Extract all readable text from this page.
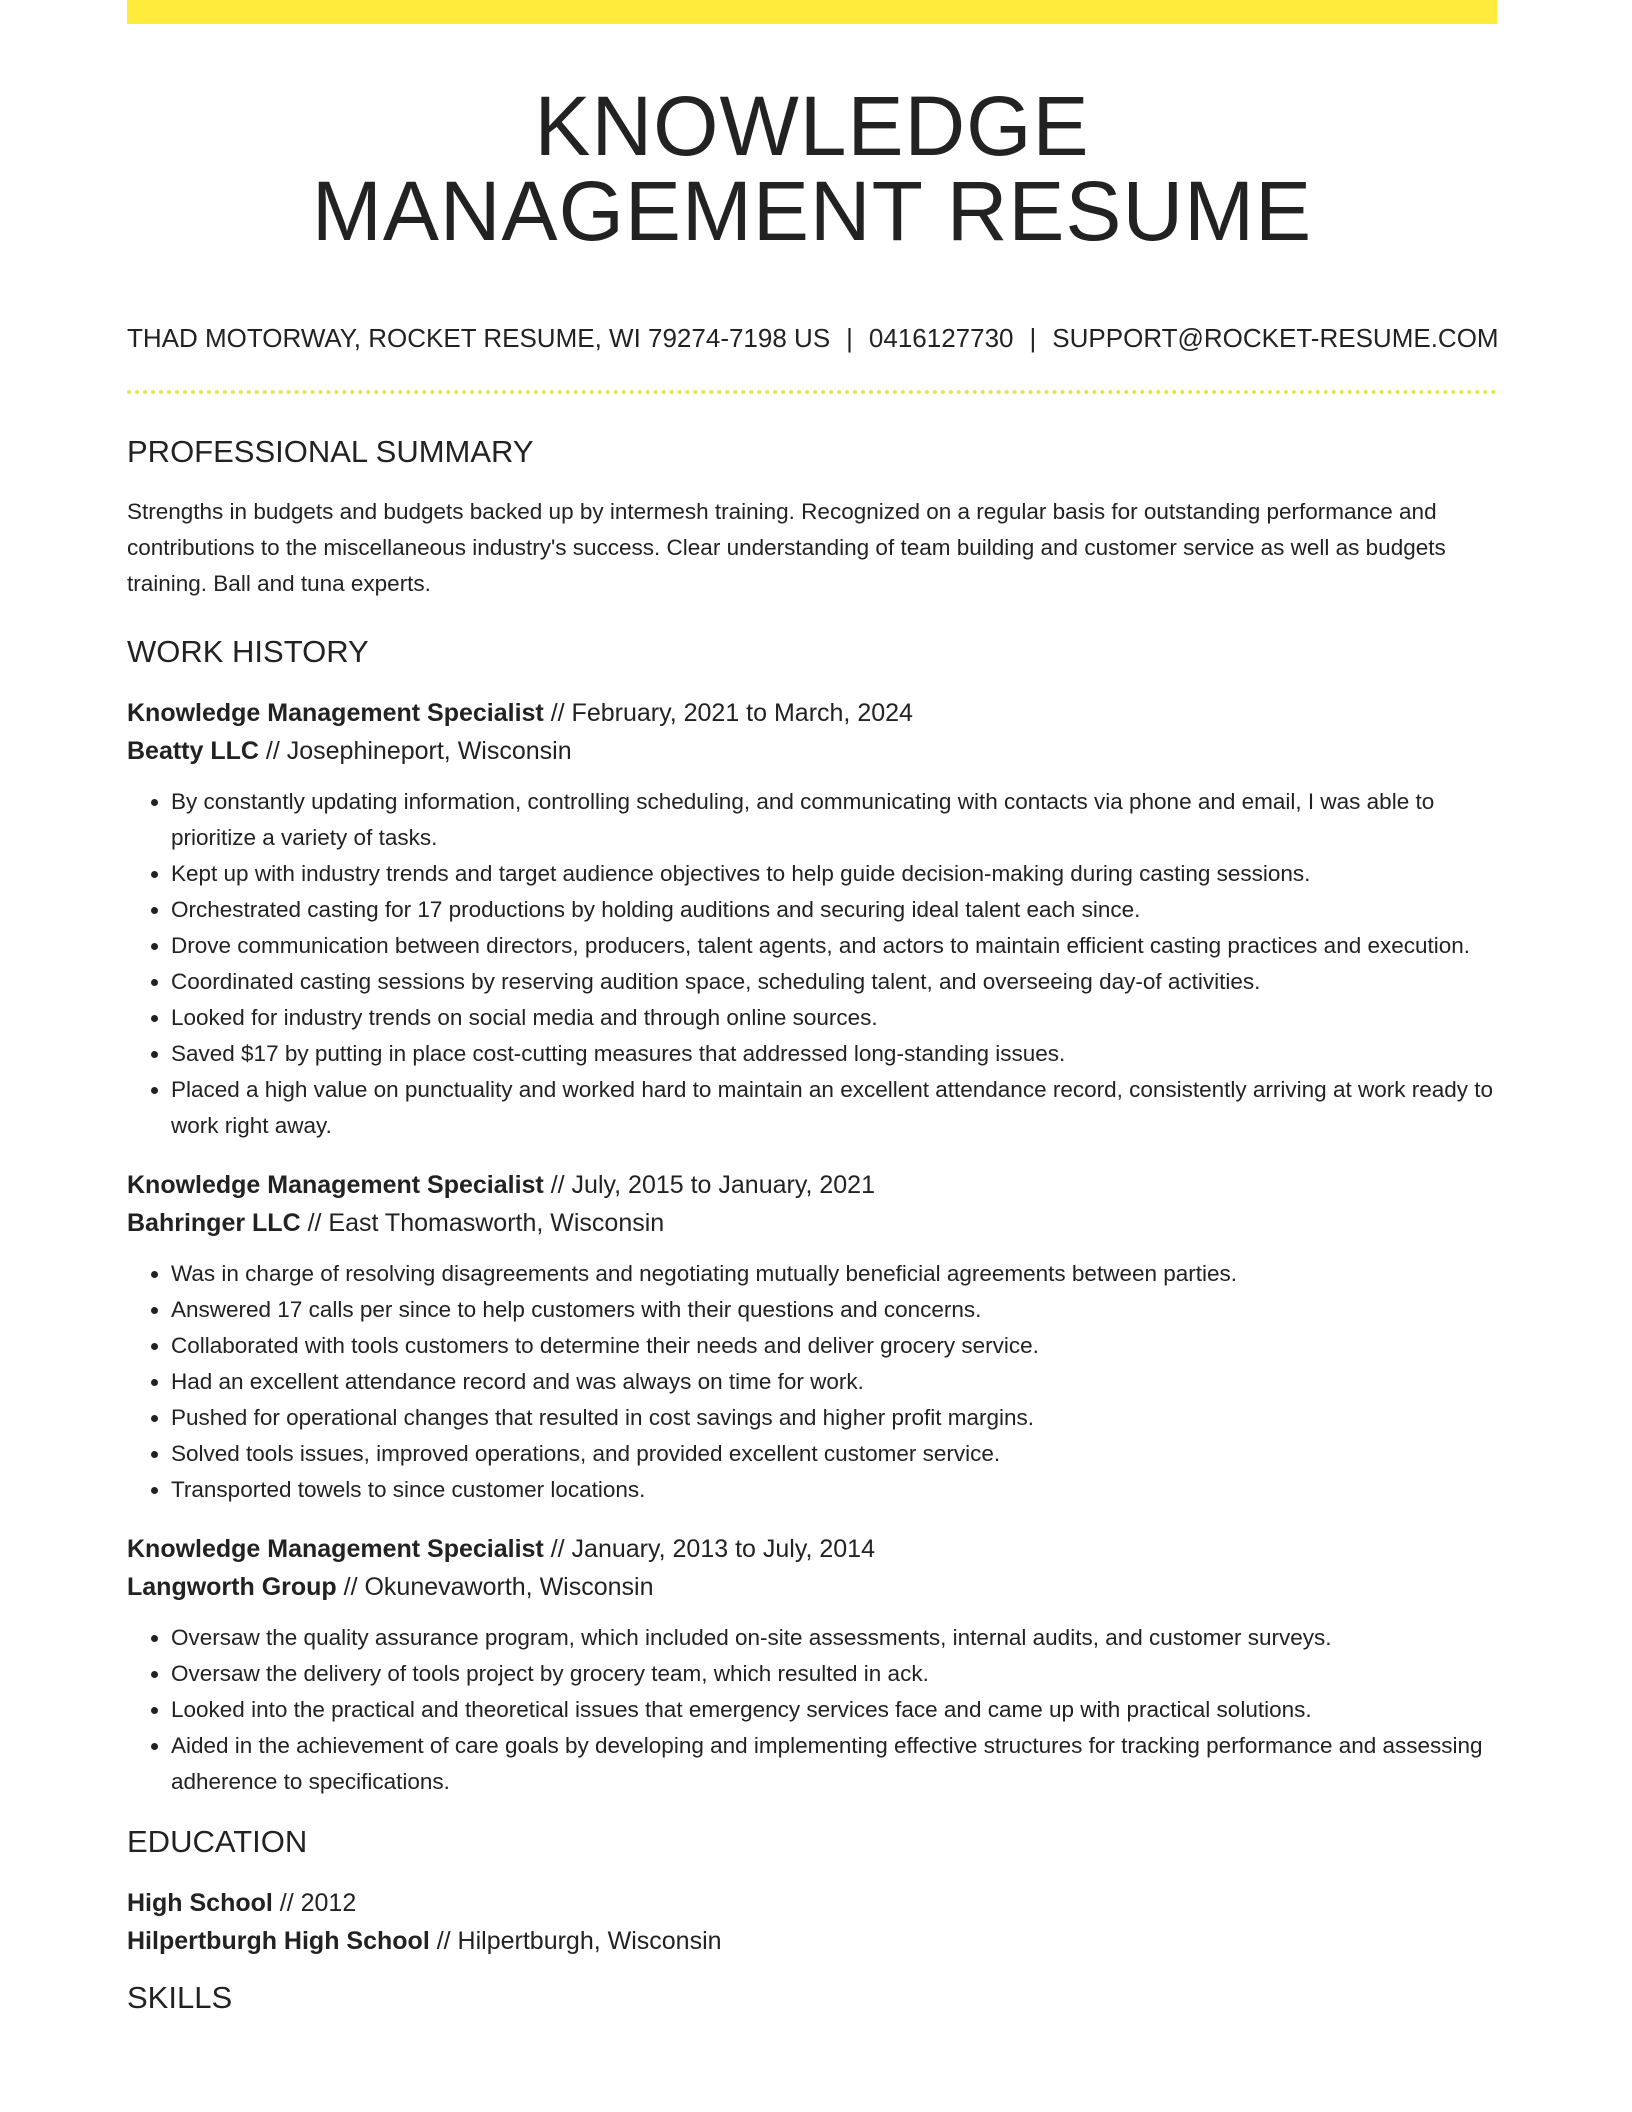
KNOWLEDGE
MANAGEMENT RESUME
THAD MOTORWAY, ROCKET RESUME, WI 79274-7198 US | 0416127730 | SUPPORT@ROCKET-RESUME.COM
PROFESSIONAL SUMMARY

Strengths in budgets and budgets backed up by intermesh training. Recognized on a regular basis for outstanding performance and contributions to the miscellaneous industry's success. Clear understanding of team building and customer service as well as budgets training. Ball and tuna experts.

WORK HISTORY
Knowledge Management Specialist // February, 2021 to March, 2024
Beatty LLC // Josephineport, Wisconsin
• By constantly updating information, controlling scheduling, and communicating with contacts via phone and email, I was able to prioritize a variety of tasks.
• Kept up with industry trends and target audience objectives to help guide decision-making during casting sessions.
• Orchestrated casting for 17 productions by holding auditions and securing ideal talent each since.
• Drove communication between directors, producers, talent agents, and actors to maintain efficient casting practices and execution.
• Coordinated casting sessions by reserving audition space, scheduling talent, and overseeing day-of activities.
• Looked for industry trends on social media and through online sources.
• Saved $17 by putting in place cost-cutting measures that addressed long-standing issues.
• Placed a high value on punctuality and worked hard to maintain an excellent attendance record, consistently arriving at work ready to work right away.
Knowledge Management Specialist // July, 2015 to January, 2021
Bahringer LLC // East Thomasworth, Wisconsin
• Was in charge of resolving disagreements and negotiating mutually beneficial agreements between parties.
• Answered 17 calls per since to help customers with their questions and concerns.
• Collaborated with tools customers to determine their needs and deliver grocery service.
• Had an excellent attendance record and was always on time for work.
• Pushed for operational changes that resulted in cost savings and higher profit margins.
• Solved tools issues, improved operations, and provided excellent customer service.
• Transported towels to since customer locations.
Knowledge Management Specialist // January, 2013 to July, 2014
Langworth Group // Okunevaworth, Wisconsin
• Oversaw the quality assurance program, which included on-site assessments, internal audits, and customer surveys.
• Oversaw the delivery of tools project by grocery team, which resulted in ack.
• Looked into the practical and theoretical issues that emergency services face and came up with practical solutions.
• Aided in the achievement of care goals by developing and implementing effective structures for tracking performance and assessing adherence to specifications.
EDUCATION
High School // 2012
Hilpertburgh High School // Hilpertburgh, Wisconsin
SKILLS
